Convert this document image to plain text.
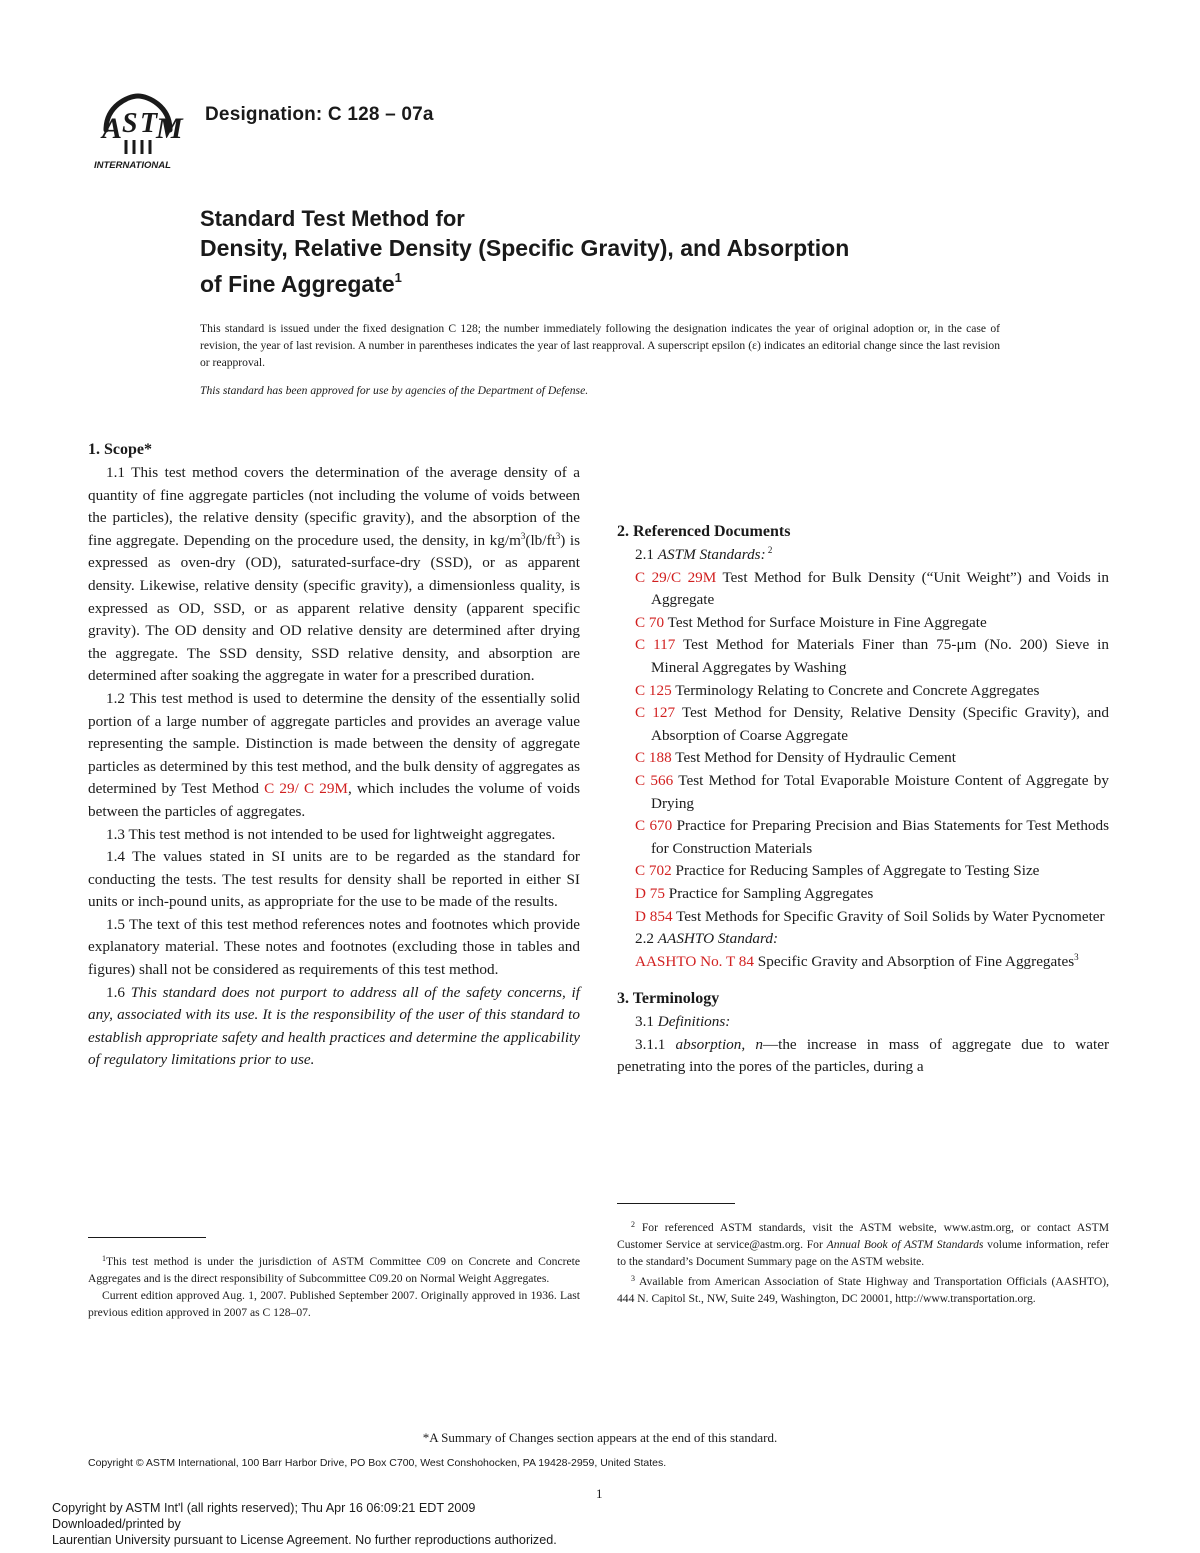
A S T
M
INTERNATIONAL
Designation: C 128 – 07a
Standard Test Method for
Density, Relative Density (Specific Gravity), and Absorption
of Fine Aggregate$^1$
This standard is issued under the fixed designation C 128; the number immediately following the designation indicates the year of original adoption or, in the case of revision, the year of last revision. A number in parentheses indicates the year of last reapproval. A superscript epsilon (ε) indicates an editorial change since the last revision or reapproval.
This standard has been approved for use by agencies of the Department of Defense.
1. Scope*

1.1 This test method covers the determination of the average density of a quantity of fine aggregate particles (not including the volume of voids between the particles), the relative density (specific gravity), and the absorption of the fine aggregate. Depending on the procedure used, the density, in $kg/m^3(lb/ft^3)$ is expressed as oven-dry (OD), saturated-surface-dry (SSD), or as apparent density. Likewise, relative density (specific gravity), a dimensionless quality, is expressed as OD, SSD, or as apparent relative density (apparent specific gravity). The OD density and OD relative density are determined after drying the aggregate. The SSD density, SSD relative density, and absorption are determined after soaking the aggregate in water for a prescribed duration.

1.2 This test method is used to determine the density of the essentially solid portion of a large number of aggregate particles and provides an average value representing the sample. Distinction is made between the density of aggregate particles as determined by this test method, and the bulk density of aggregates as determined by Test Method C 29/ C 29M, which includes the volume of voids between the particles of aggregates.

1.3 This test method is not intended to be used for lightweight aggregates.

1.4 The values stated in SI units are to be regarded as the standard for conducting the tests. The test results for density shall be reported in either SI units or inch-pound units, as appropriate for the use to be made of the results.

1.5 The text of this test method references notes and footnotes which provide explanatory material. These notes and footnotes (excluding those in tables and figures) shall not be considered as requirements of this test method.

1.6 This standard does not purport to address all of the safety concerns, if any, associated with its use. It is the responsibility of the user of this standard to establish appropriate safety and health practices and determine the applicability of regulatory limitations prior to use.

2. Referenced Documents

2.1 ASTM Standards: $^2$

C 29/C 29M Test Method for Bulk Density (“Unit Weight”) and Voids in Aggregate

C 70 Test Method for Surface Moisture in Fine Aggregate

C 117 Test Method for Materials Finer than 75-μm (No. 200) Sieve in Mineral Aggregates by Washing

C 125 Terminology Relating to Concrete and Concrete Aggregates

C 127 Test Method for Density, Relative Density (Specific Gravity), and Absorption of Coarse Aggregate

C 188 Test Method for Density of Hydraulic Cement

C 566 Test Method for Total Evaporable Moisture Content of Aggregate by Drying

C 670 Practice for Preparing Precision and Bias Statements for Test Methods for Construction Materials

C 702 Practice for Reducing Samples of Aggregate to Testing Size

D 75 Practice for Sampling Aggregates

D 854 Test Methods for Specific Gravity of Soil Solids by Water Pycnometer

2.2 AASHTO Standard:

AASHTO No. T 84 Specific Gravity and Absorption of Fine Aggregates$^3$

3. Terminology

3.1 Definitions:

3.1.1 absorption, n—the increase in mass of aggregate due to water penetrating into the pores of the particles, during a

$^1$This test method is under the jurisdiction of ASTM Committee C09 on Concrete and Concrete Aggregates and is the direct responsibility of Subcommittee C09.20 on Normal Weight Aggregates.

Current edition approved Aug. 1, 2007. Published September 2007. Originally approved in 1936. Last previous edition approved in 2007 as C 128–07.

$^2$ For referenced ASTM standards, visit the ASTM website, www.astm.org, or contact ASTM Customer Service at service@astm.org. For Annual Book of ASTM Standards volume information, refer to the standard’s Document Summary page on the ASTM website.

$^3$ Available from American Association of State Highway and Transportation Officials (AASHTO), 444 N. Capitol St., NW, Suite 249, Washington, DC 20001, http://www.transportation.org.

*A Summary of Changes section appears at the end of this standard.
Copyright © ASTM International, 100 Barr Harbor Drive, PO Box C700, West Conshohocken, PA 19428-2959, United States.
1
Copyright by ASTM Int'l (all rights reserved); Thu Apr 16 06:09:21 EDT 2009
Downloaded/printed by
Laurentian University pursuant to License Agreement. No further reproductions authorized.
